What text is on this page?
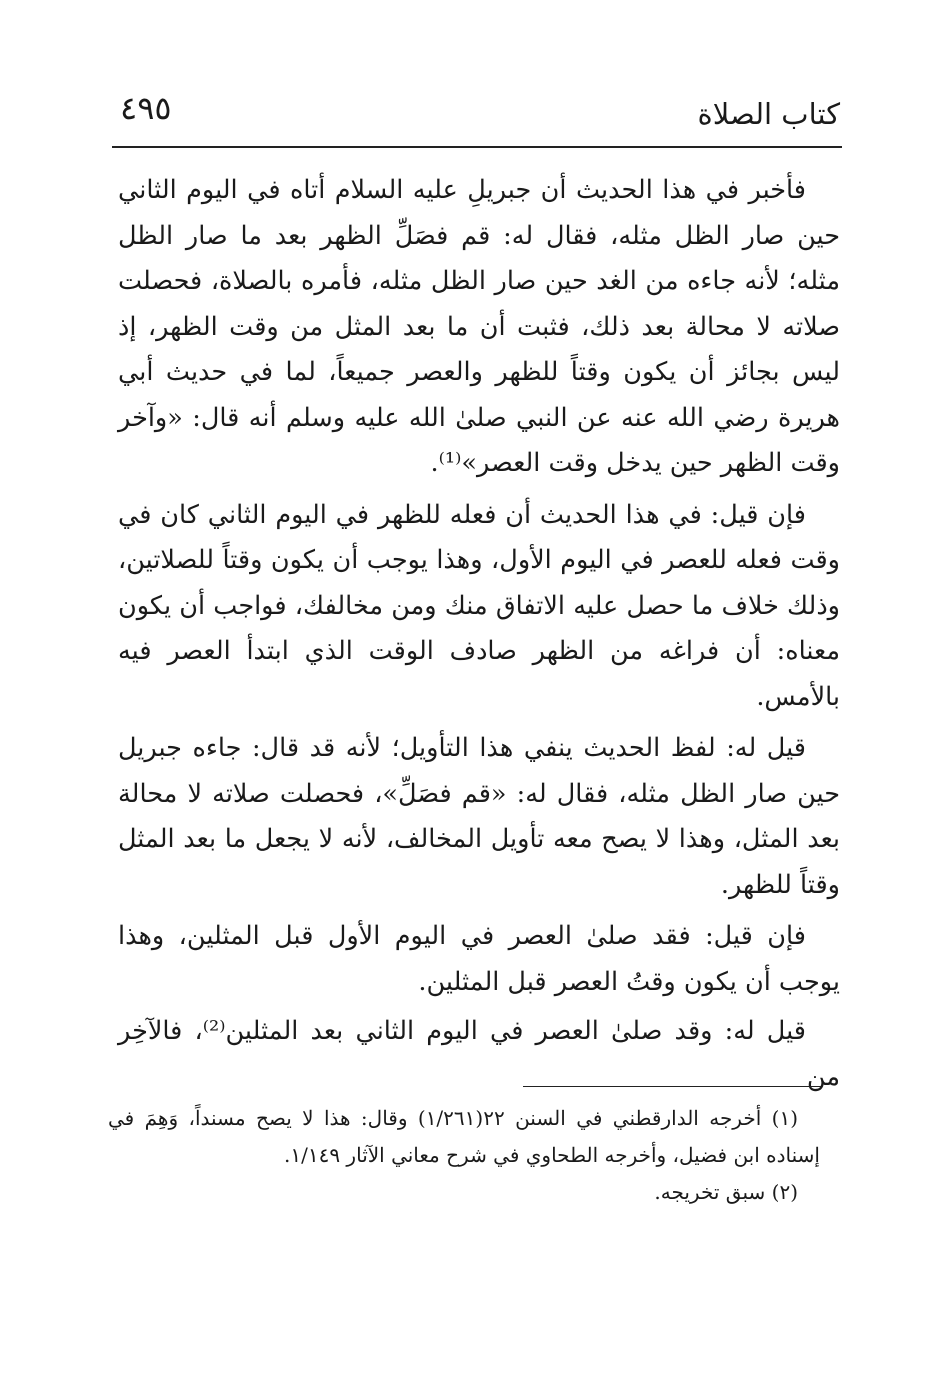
كتاب الصلاة
٤٩٥

فأخبر في هذا الحديث أن جبريلِ عليه السلام أتاه في اليوم الثاني حين صار الظل مثله، فقال له: قم فصَلِّ الظهر بعد ما صار الظل مثله؛ لأنه جاءه من الغد حين صار الظل مثله، فأمره بالصلاة، فحصلت صلاته لا محالة بعد ذلك، فثبت أن ما بعد المثل من وقت الظهر، إذ ليس بجائز أن يكون وقتاً للظهر والعصر جميعاً، لما في حديث أبي هريرة رضي الله عنه عن النبي صلىٰ الله عليه وسلم أنه قال: «وآخر وقت الظهر حين يدخل وقت العصر»⁽¹⁾.

فإن قيل: في هذا الحديث أن فعله للظهر في اليوم الثاني كان في وقت فعله للعصر في اليوم الأول، وهذا يوجب أن يكون وقتاً للصلاتين، وذلك خلاف ما حصل عليه الاتفاق منك ومن مخالفك، فواجب أن يكون معناه: أن فراغه من الظهر صادف الوقت الذي ابتدأ العصر فيه بالأمس.

قيل له: لفظ الحديث ينفي هذا التأويل؛ لأنه قد قال: جاءه جبريل حين صار الظل مثله، فقال له: «قم فصَلِّ»، فحصلت صلاته لا محالة بعد المثل، وهذا لا يصح معه تأويل المخالف، لأنه لا يجعل ما بعد المثل وقتاً للظهر.

فإن قيل: فقد صلىٰ العصر في اليوم الأول قبل المثلين، وهذا يوجب أن يكون وقتُ العصر قبل المثلين.

قيل له: وقد صلىٰ العصر في اليوم الثاني بعد المثلين⁽²⁾، فالآخِر من

(١) أخرجه الدارقطني في السنن ٢٢(١/٢٦١) وقال: هذا لا يصح مسنداً، وَهِمَ في إسناده ابن فضيل، وأخرجه الطحاوي في شرح معاني الآثار ١/١٤٩.

(٢) سبق تخريجه.
